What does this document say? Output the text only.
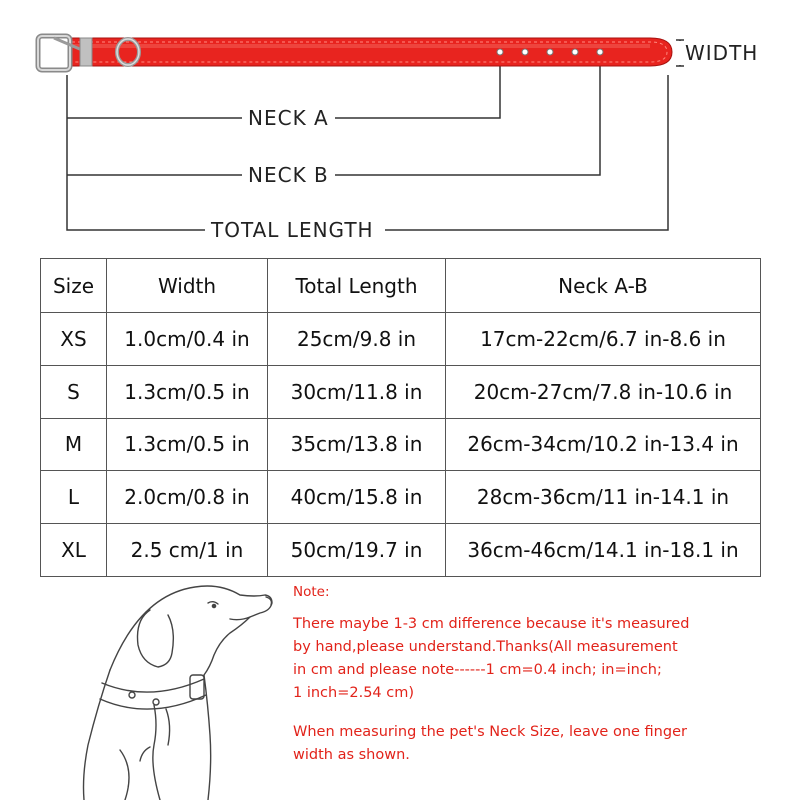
WIDTH
NECK A
NECK B
TOTAL LENGTH
Size	Width	Total Length	Neck A-B
XS	1.0cm/0.4 in	25cm/9.8 in	17cm-22cm/6.7 in-8.6 in
S	1.3cm/0.5 in	30cm/11.8 in	20cm-27cm/7.8 in-10.6 in
M	1.3cm/0.5 in	35cm/13.8 in	26cm-34cm/10.2 in-13.4 in
L	2.0cm/0.8 in	40cm/15.8 in	28cm-36cm/11 in-14.1 in
XL	2.5 cm/1 in	50cm/19.7 in	36cm-46cm/14.1 in-18.1 in
Note:
There maybe 1-3 cm difference because it's measured
by hand,please understand.Thanks(All measurement
in cm and please note------1 cm=0.4 inch; in=inch;
1 inch=2.54 cm)
When measuring the pet's Neck Size, leave one finger
width as shown.
